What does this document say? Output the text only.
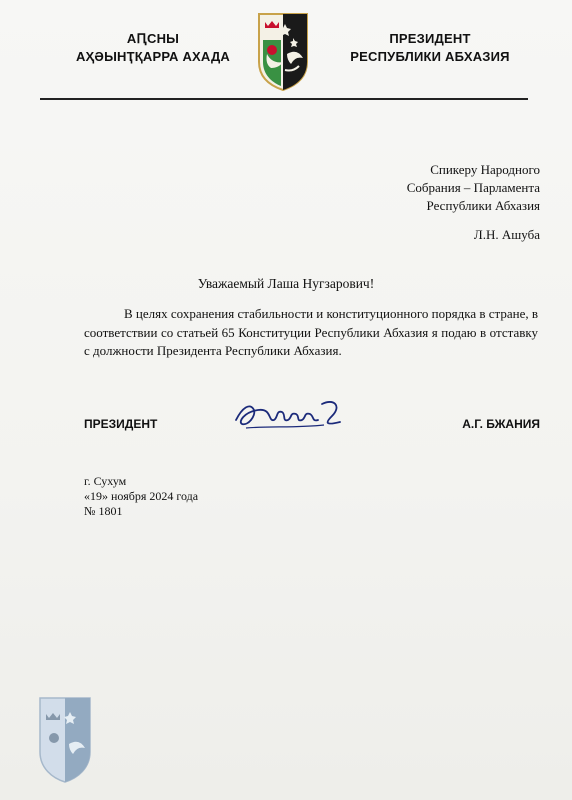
АԤСНЫ
АҲӘЫНҬҚАРРА АХАДА
ПРЕЗИДЕНТ
РЕСПУБЛИКИ АБХАЗИЯ
Спикеру Народного
Собрания – Парламента
Республики Абхазия
Л.Н. Ашуба
Уважаемый Лаша Нугзарович!
В целях сохранения стабильности и конституционного порядка в стране, в соответствии со статьей 65 Конституции Республики Абхазия я подаю в отставку с должности Президента Республики Абхазия.
ПРЕЗИДЕНТ	А.Г. БЖАНИЯ
г. Сухум
«19» ноября 2024 года
№ 1801
